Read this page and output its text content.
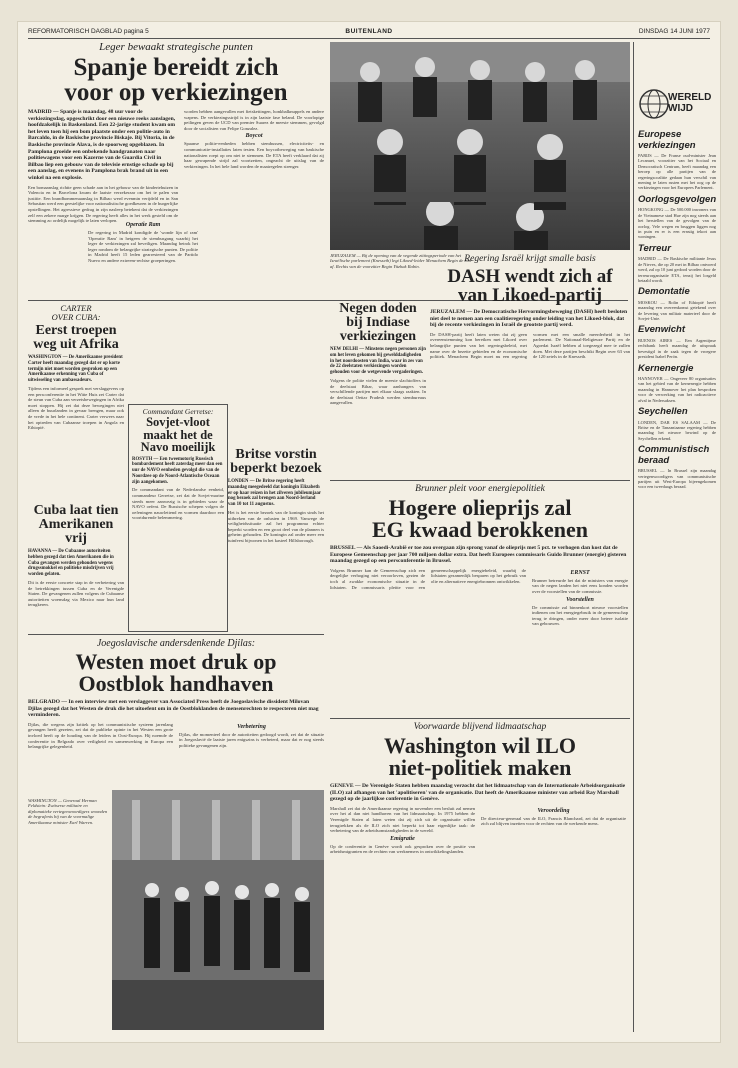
REFORMATORISCH DAGBLAD pagina 5	BUITENLAND	DINSDAG 14 JUNI 1977
Leger bewaakt strategische punten
Spanje bereidt zich
voor op verkiezingen
MADRID — Spanje is maandag, 48 uur voor de verkiezingsdag, opgeschrikt door een nieuwe reeks aanslagen, hoofdzakelijk in Baskenland. Een 22-jarige student kwam om het leven toen hij een bom plaatste onder een politie-auto in Barcaldo, in de Baskische provincie Biskaje. Bij Vitoria, in de Baskische provincie Alava, is de spoorweg opgeblazen. In Pamplona groeide een onbekende handgranaten naar politiewagens voor een Kazerne van de Guardia Civil in Bilbao liep een gebouw van de televisie ernstige schade op bij een aanslag, en evenens in Pamplona brak brand uit in een winkel na een explosie.
Een bomaanslag richtte geen schade aan in het gebouw van de kindertehuizen in Valencia en in Barcelona kwam de laatste verzekeraar om het te palen van justitie. Een brandbommenaanslag in Bilbao werd evenmin verijdeld en in San Sebastian werd een geestelijke voor nationalistische goedkeuren in de burgerlijke opstellingen. Het agressieve gedrag in zijn nasleep betekent dat de verkiezingen zelf een zekere marge krijgen. De regering heeft alles in het werk gesteld om de stemming zo ordelijk mogelijk te laten verlopen.
worden hebben aangevallen met fietskettingen, honkbalknuppels en andere wapens. De verkiezingsstrijd is in zijn laatste fase beland. De voorlopige peilingen geven de UCD van premier Suarez de meeste stemmen, gevolgd door de socialisten van Felipe Gonzalez.
Boycot
Spaanse politie-eenheden hebben stembussen, electriciteits- en communicatie-installaties laten testen. Een boycotbeweging van baskische nationalisten roept op om niet te stemmen. De ETA heeft verklaard dat zij haar gewapende strijd zal voortzetten, ongeacht de uitslag van de verkiezingen. In het hele land worden de maatregelen strenger.
Operatie Ram
De regering in Madrid kondigde de 'wonde lijn of ram' 'Operatie Ram' in hetgeen de stembusgang waarbij het leger de verkiezingen zal beveiligen. Maandag betrok het leger rondom de belangrijke strategische punten. De politie in Madrid heeft 15 leden gearresteerd van de Partido Nuevo en andere extreem-rechtse groeperingen.
JERUZALEM — Bij de opening van de vegende zittingsperiode van het Israëlische parlement (Knesseth) legt Likoed-leider Menachem Begin de eed af. Rechts van de voorzitter Begin Yitzhak Rabin.
WERELD WIJD
Europese verkiezingen
PARIJS — De Franse oud-minister Jean Lecanuet, voorzitter van het Sociaal en Democratisch Centrum, heeft maandag een beroep op alle partijen van de regeringscoalitie gedaan hun verschil van mening te laten rusten met het oog op de verkiezingen voor het Europees Parlement.
Oorlogsgevolgen
HONGKONG — De 500.000 inwoners van de Vietnamese stad Hue zijn nog steeds aan het herstellen van de gevolgen van de oorlog. Vele wegen en bruggen liggen nog in puin en er is een ernstig tekort aan woningen.
Terreur
MADRID — De Baskische militante Jesus de Nieves, die op 20 mei in Bilbao ontvoerd werd, zal op 10 juni gedood worden door de terreurorganisatie ETA, tenzij het losgeld betaald wordt.
Demontatie
MOSKOU — Rolin of Ethiopië heeft maandag een overeenkomst getekend over de levering van militair materieel door de Sovjet-Unie.
Evenwicht
BUENOS AIRES — Een Argentijnse rechtbank heeft maandag de uitspraak bevestigd in de zaak tegen de vroegere president Isabel Perón.
Kernenergie
HANNOVER — Ongeveer 80 organisaties van het gebied van de kernenergie hebben maandag in Hannover het plan besproken voor de verwerking van het radioactieve afval in Nedersaksen.
Seychellen
LONDEN, DAR ES SALAAM — De Britse en de Tanzaniaanse regering hebben maandag het nieuwe bewind op de Seychellen erkend.
Communistisch beraad
BRUSSEL — In Brussel zijn maandag vertegenwoordigers van communistische partijen uit West-Europa bijeengekomen voor een tweedaags beraad.
CARTER
OVER CUBA:
Eerst troepen
weg uit Afrika
WASHINGTON — De Amerikaanse president Carter heeft maandag gezegd dat er op korte termijn niet moet worden gesproken op een Amerikaanse erkenning van Cuba of uitwisseling van ambassadeurs.
Tijdens een informeel gesprek met verslaggevers op een persconferentie in het Witte Huis zei Carter dat de steun van Cuba aan verzetsbewegingen in Afrika moet stoppen. Hij zei dat deze bewegingen niet alleen de buurlanden in gevaar brengen, maar ook de vrede in het hele continent. Carter verwees naar het optreden van Cubaanse troepen in Angola en Ethiopië.
Cuba laat tien
Amerikanen vrij
HAVANNA — De Cubaanse autoriteiten hebben gezegd dat tien Amerikanen die in Cuba gevangen werden gehouden wegens drugssmokkel en politieke misdrijven vrij worden gelaten.
Dit is de eerste concrete stap in de verbetering van de betrekkingen tussen Cuba en de Verenigde Staten. De gevangenen zullen volgens de Cubaanse autoriteiten woensdag via Mexico naar hun land terugkeren.
Commandant Gerretse:
Sovjet-vloot
maakt het de
Navo moeilijk
ROSYTH — Een tweemotorig Russisch bombardement heeft zaterdag meer dan een uur de NAVO eenheden gevolgd die van de Noordzee op de Noord-Atlantische Oceaan zijn aangekomen.
De commandant van de Nederlandse eenheid, commandeur Gerretse, zei dat de Sovjet-marine steeds meer aanwezig is in gebieden waar de NAVO oefent. De Russische schepen volgen de oefeningen nauwlettend en vormen daardoor een voortdurende belemmering.
Britse vorstin
beperkt bezoek
LONDEN — De Britse regering heeft maandag meegedeeld dat koningin Elizabeth er op haar reizen in het zilveren jubileumjaar nog bezoek zal brengen aan Noord-Ierland van 10 tot 11 augustus.
Het is het eerste bezoek van de koningin sinds het uitbreken van de onlusten in 1969. Vanwege de veiligheidssituatie zal het programma echter beperkt worden en een groot deel van de plannen is geheim gehouden. De koningin zal onder meer een tuinfeest bijwonen in het kasteel Hillsborough.
Negen doden
bij Indiase
verkiezingen
NEW DELHI — Minstens negen personen zijn om het leven gekomen bij gewelddadigheden in het noordoosten van India, waar in zes van de 22 deelstaten verkiezingen worden gehouden voor de wetgevende vergaderingen.
Volgens de politie vielen de meeste slachtoffers in de deelstaat Bihar, waar aanhangers van verschillende partijen met elkaar slaags raakten. In de deelstaat Oettar Pradesh werden stembureaus aangevallen.
Regering Israël krijgt smalle basis
DASH wendt zich af
van Likoed-partij
JERUZALEM — De Democratische Hervormingsbeweging (DASH) heeft besloten niet deel te nemen aan een coalitieregering onder leiding van het Likoed-blok, dat bij de recente verkiezingen in Israël de grootste partij werd.
De DASH-partij heeft laten weten dat zij geen overeenstemming kon bereiken met Likoed over belangrijke punten van het regeringsbeleid, met name over de bezette gebieden en de economische politiek. Menachem Begin moet nu een regering vormen met een smalle meerderheid in het parlement. De Nationaal-Religieuze Partij en de Agoedat Israël hebben al toegezegd mee te zullen doen. Met deze partijen beschikt Begin over 63 van de 120 zetels in de Knesseth.
Brunner pleit voor energiepolitiek
Hogere olieprijs zal
EG kwaad berokkenen
BRUSSEL — Als Saoedi-Arabië er toe zou overgaan zijn sprong vanaf de olieprijs met 5 pct. te verhogen dan kost dat de Europese Gemeenschap per jaar 700 miljoen dollar extra. Dat heeft Europees commissaris Guido Brunner (energie) gisteren maandag gezegd op een persconferentie in Brussel.
Volgens Brunner kan de Gemeenschap zich een dergelijke verhoging niet veroorloven, gezien de toch al zwakke economische situatie in de lidstaten. De commissaris pleitte voor een gemeenschappelijk energiebeleid, waarbij de lidstaten gezamenlijk besparen op het gebruik van olie en alternatieve energiebronnen ontwikkelen.
ERNST
Brunner betreurde het dat de ministers van energie van de negen landen het niet eens konden worden over de voorstellen van de commissie.
Voorstellen
De commissie zal binnenkort nieuwe voorstellen indienen om het energiegebruik in de gemeenschap terug te dringen, onder meer door betere isolatie van gebouwen.
Joegoslavische andersdenkende Djilas:
Westen moet druk op
Oostblok handhaven
BELGRADO — In een interview met een verslaggever van Associated Press heeft de Joegoslavische dissident Milovan Djilas gezegd dat het Westen de druk die het uitoefent om in de Oostbloklanden de mensenrechten te respecteren niet mag verminderen.
Djilas, die wegens zijn kritiek op het communistische systeem jarenlang gevangen heeft gezeten, zei dat de publieke opinie in het Westen een grote invloed heeft op de houding van de leiders in Oost-Europa. Hij noemde de conferentie in Belgrado over veiligheid en samenwerking in Europa een belangrijke gelegenheid.
Verbetering
Djilas, die momenteel door de autoriteiten gedoogd wordt, zei dat de situatie in Joegoslavië de laatste jaren enigszins is verbeterd, maar dat er nog steeds politieke gevangenen zijn.
WASHINGTON — Generaal Herman Feldstein: Zwitserse militaire en diplomatieke vertegenwoordigers woonden de begrafenis bij van de voormalige Amerikaanse minister Earl Warren.
Voorwaarde blijvend lidmaatschap
Washington wil ILO
niet-politiek maken
GENEVE — De Verenigde Staten hebben maandag verzocht dat het lidmaatschap van de Internationale Arbeidsorganisatie (ILO) zal afhangen van het 'apolitiseren' van de organisatie. Dat heeft de Amerikaanse minister van arbeid Ray Marshall gezegd op de jaarlijkse conferentie in Genève.
Marshall zei dat de Amerikaanse regering in november een besluit zal nemen over het al dan niet handhaven van het lidmaatschap. In 1975 hebben de Verenigde Staten al laten weten dat zij zich uit de organisatie willen terugtrekken als de ILO zich niet beperkt tot haar eigenlijke taak: de verbetering van de arbeidsomstandigheden in de wereld.
Emigratie
Op de conferentie in Genève wordt ook gesproken over de positie van arbeidsmigranten en de rechten van werknemers in ontwikkelingslanden.
Veroordeling
De directeur-generaal van de ILO, Francis Blanchard, zei dat de organisatie zich zal blijven inzetten voor de rechten van de werkende mens.
